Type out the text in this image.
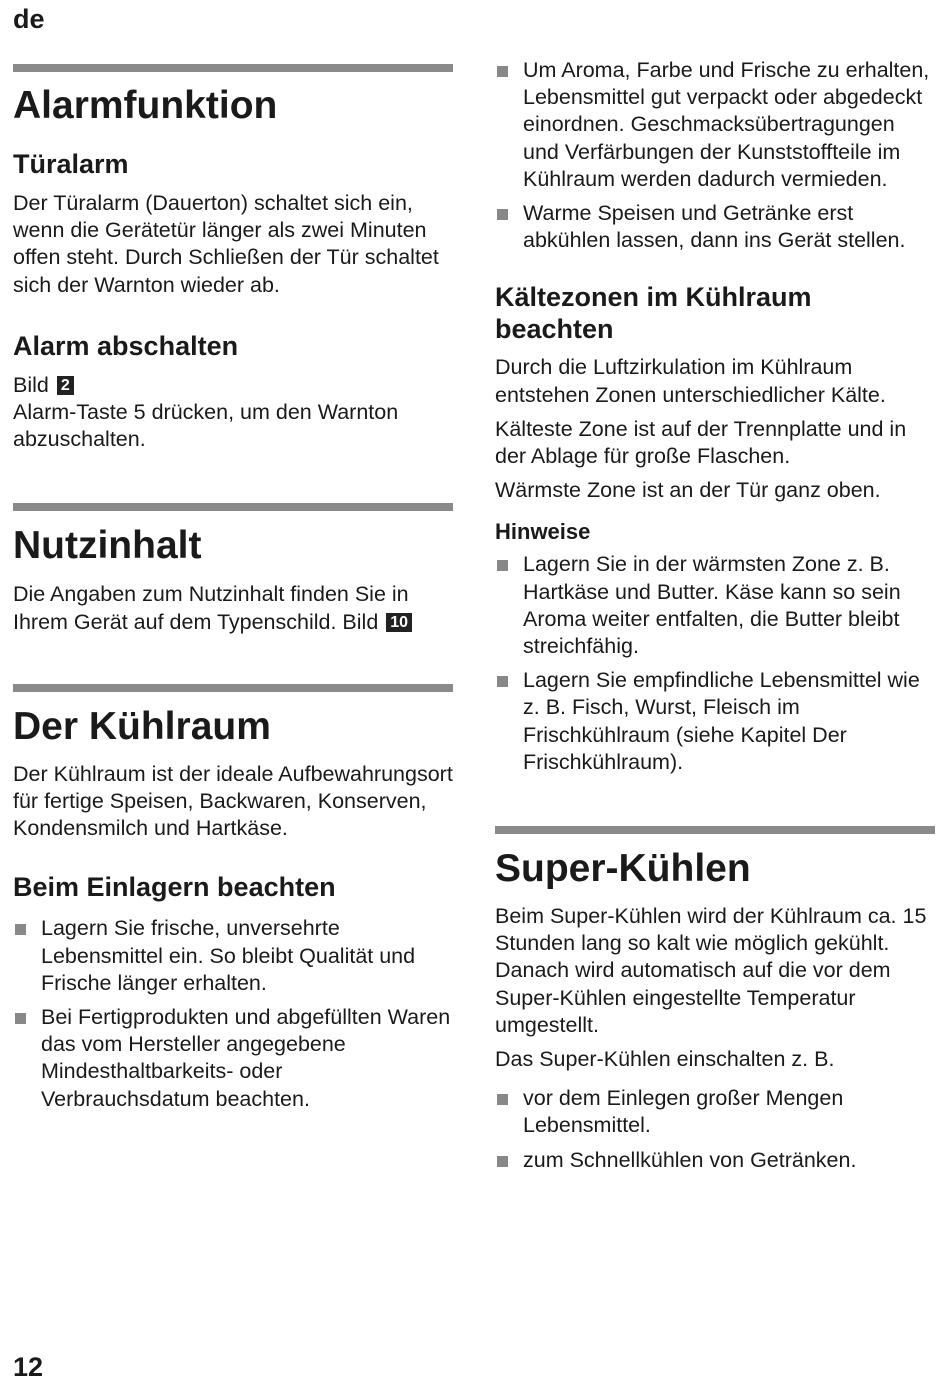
de
12
Alarmfunktion
Türalarm

Der Türalarm (Dauerton) schaltet sich ein, wenn die Gerätetür länger als zwei Minuten offen steht. Durch Schließen der Tür schaltet sich der Warnton wieder ab.

Alarm abschalten

Bild 2

Alarm-Taste 5 drücken, um den Warnton abzuschalten.

Nutzinhalt

Die Angaben zum Nutzinhalt finden Sie in Ihrem Gerät auf dem Typenschild. Bild 10

Der Kühlraum

Der Kühlraum ist der ideale Aufbewahrungsort für fertige Speisen, Backwaren, Konserven, Kondensmilch und Hartkäse.

Beim Einlagern beachten
Lagern Sie frische, unversehrte Lebensmittel ein. So bleibt Qualität und Frische länger erhalten.
Bei Fertigprodukten und abgefüllten Waren das vom Hersteller angegebene Mindesthaltbarkeits- oder Verbrauchsdatum beachten.
Um Aroma, Farbe und Frische zu erhalten, Lebensmittel gut verpackt oder abgedeckt einordnen. Geschmacksübertragungen und Verfärbungen der Kunststoffteile im Kühlraum werden dadurch vermieden.
Warme Speisen und Getränke erst abkühlen lassen, dann ins Gerät stellen.
Kältezonen im Kühlraum beachten

Durch die Luftzirkulation im Kühlraum entstehen Zonen unterschiedlicher Kälte.

Kälteste Zone ist auf der Trennplatte und in der Ablage für große Flaschen.

Wärmste Zone ist an der Tür ganz oben.

Hinweise
Lagern Sie in der wärmsten Zone z. B. Hartkäse und Butter. Käse kann so sein Aroma weiter entfalten, die Butter bleibt streichfähig.
Lagern Sie empfindliche Lebensmittel wie z. B. Fisch, Wurst, Fleisch im Frischkühlraum (siehe Kapitel Der Frischkühlraum).
Super-Kühlen

Beim Super-Kühlen wird der Kühlraum ca. 15 Stunden lang so kalt wie möglich gekühlt. Danach wird automatisch auf die vor dem Super-Kühlen eingestellte Temperatur umgestellt.

Das Super-Kühlen einschalten z. B.

vor dem Einlegen großer Mengen Lebensmittel.
zum Schnellkühlen von Getränken.
